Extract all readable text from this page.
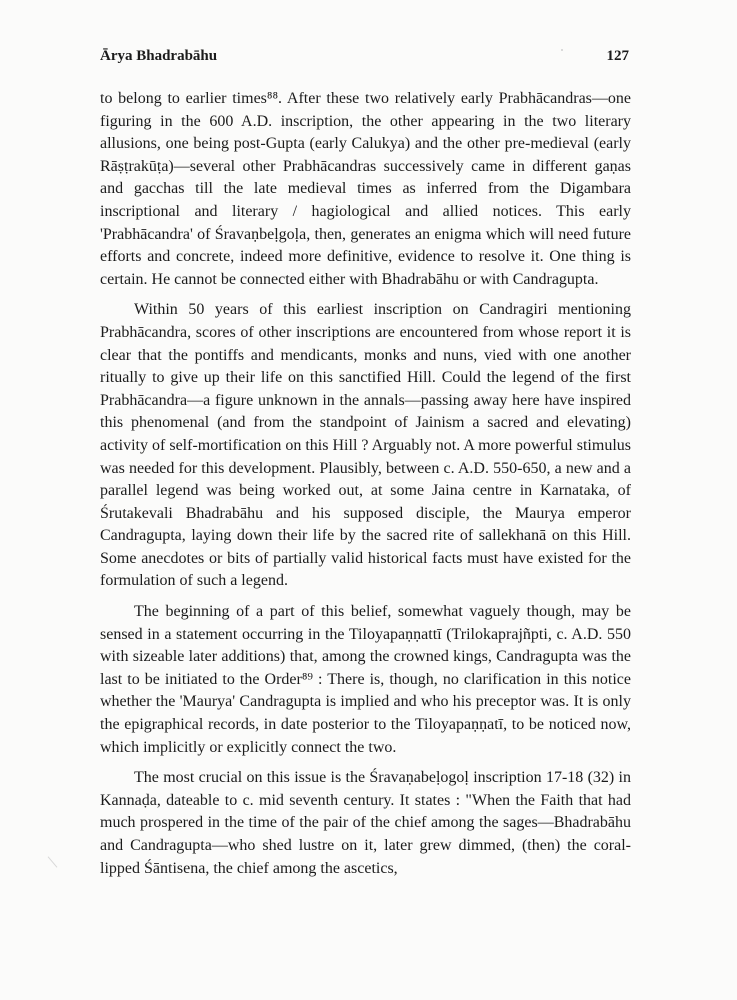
Ārya Bhadrabāhu	127

to belong to earlier times⁸⁸. After these two relatively early Prabhācandras—one figuring in the 600 A.D. inscription, the other appearing in the two literary allusions, one being post-Gupta (early Calukya) and the other pre-medieval (early Rāṣṭrakūṭa)—several other Prabhācandras successively came in different gaṇas and gacchas till the late medieval times as inferred from the Digambara inscriptional and literary / hagiological and allied notices. This early 'Prabhācandra' of Śravaṇbeḷgoḷa, then, generates an enigma which will need future efforts and concrete, indeed more definitive, evidence to resolve it. One thing is certain. He cannot be connected either with Bhadrabāhu or with Candragupta.

Within 50 years of this earliest inscription on Candragiri mentioning Prabhācandra, scores of other inscriptions are encountered from whose report it is clear that the pontiffs and mendicants, monks and nuns, vied with one another ritually to give up their life on this sanctified Hill. Could the legend of the first Prabhācandra—a figure unknown in the annals—passing away here have inspired this phenomenal (and from the standpoint of Jainism a sacred and elevating) activity of self-mortification on this Hill ? Arguably not. A more powerful stimulus was needed for this development. Plausibly, between c. A.D. 550-650, a new and a parallel legend was being worked out, at some Jaina centre in Karnataka, of Śrutakevali Bhadrabāhu and his supposed disciple, the Maurya emperor Candragupta, laying down their life by the sacred rite of sallekhanā on this Hill. Some anecdotes or bits of partially valid historical facts must have existed for the formulation of such a legend.

The beginning of a part of this belief, somewhat vaguely though, may be sensed in a statement occurring in the Tiloyapaṇṇattī (Trilokaprajñpti, c. A.D. 550 with sizeable later additions) that, among the crowned kings, Candragupta was the last to be initiated to the Order⁸⁹ : There is, though, no clarification in this notice whether the 'Maurya' Candragupta is implied and who his preceptor was. It is only the epigraphical records, in date posterior to the Tiloyapaṇṇatī, to be noticed now, which implicitly or explicitly connect the two.

The most crucial on this issue is the Śravaṇabeḷogoḷ inscription 17-18 (32) in Kannaḍa, dateable to c. mid seventh century. It states : "When the Faith that had much prospered in the time of the pair of the chief among the sages—Bhadrabāhu and Candragupta—who shed lustre on it, later grew dimmed, (then) the coral-lipped Śāntisena, the chief among the ascetics,
